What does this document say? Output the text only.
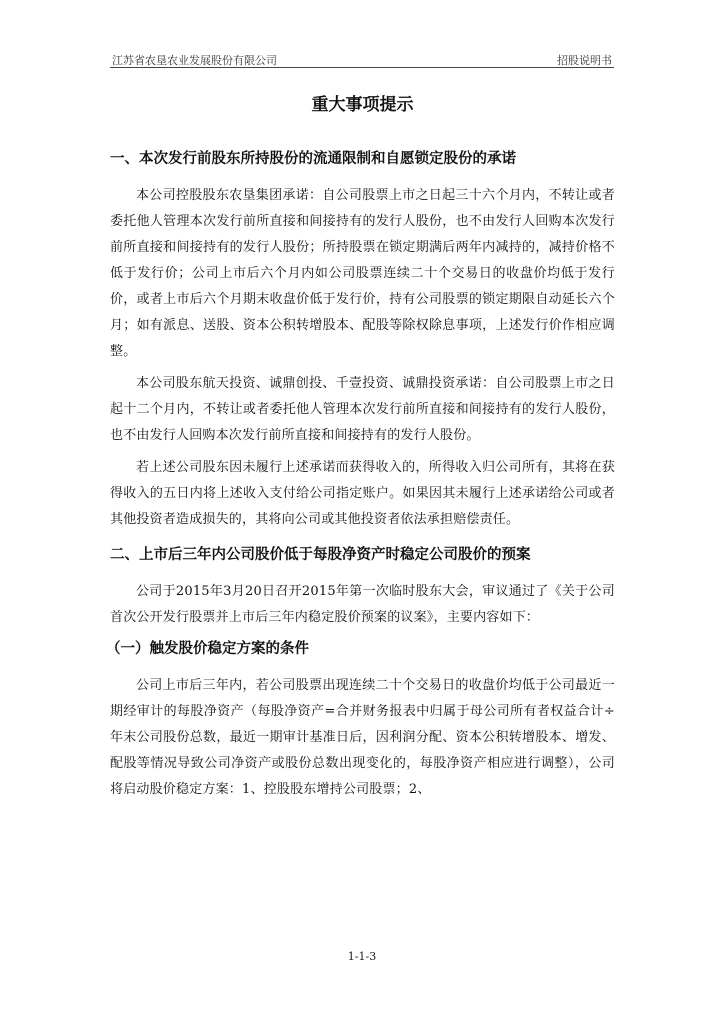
江苏省农垦农业发展股份有限公司	招股说明书
重大事项提示
一、本次发行前股东所持股份的流通限制和自愿锁定股份的承诺

本公司控股股东农垦集团承诺：自公司股票上市之日起三十六个月内，不转让或者委托他人管理本次发行前所直接和间接持有的发行人股份，也不由发行人回购本次发行前所直接和间接持有的发行人股份；所持股票在锁定期满后两年内减持的，减持价格不低于发行价；公司上市后六个月内如公司股票连续二十个交易日的收盘价均低于发行价，或者上市后六个月期末收盘价低于发行价，持有公司股票的锁定期限自动延长六个月；如有派息、送股、资本公积转增股本、配股等除权除息事项，上述发行价作相应调整。

本公司股东航天投资、诚鼎创投、千壹投资、诚鼎投资承诺：自公司股票上市之日起十二个月内，不转让或者委托他人管理本次发行前所直接和间接持有的发行人股份，也不由发行人回购本次发行前所直接和间接持有的发行人股份。

若上述公司股东因未履行上述承诺而获得收入的，所得收入归公司所有，其将在获得收入的五日内将上述收入支付给公司指定账户。如果因其未履行上述承诺给公司或者其他投资者造成损失的，其将向公司或其他投资者依法承担赔偿责任。

二、上市后三年内公司股价低于每股净资产时稳定公司股价的预案

公司于2015年3月20日召开2015年第一次临时股东大会，审议通过了《关于公司首次公开发行股票并上市后三年内稳定股价预案的议案》，主要内容如下：

（一）触发股价稳定方案的条件

公司上市后三年内，若公司股票出现连续二十个交易日的收盘价均低于公司最近一期经审计的每股净资产（每股净资产=合并财务报表中归属于母公司所有者权益合计÷年末公司股份总数，最近一期审计基准日后，因利润分配、资本公积转增股本、增发、配股等情况导致公司净资产或股份总数出现变化的，每股净资产相应进行调整），公司将启动股价稳定方案：1、控股股东增持公司股票；2、

1-1-3
